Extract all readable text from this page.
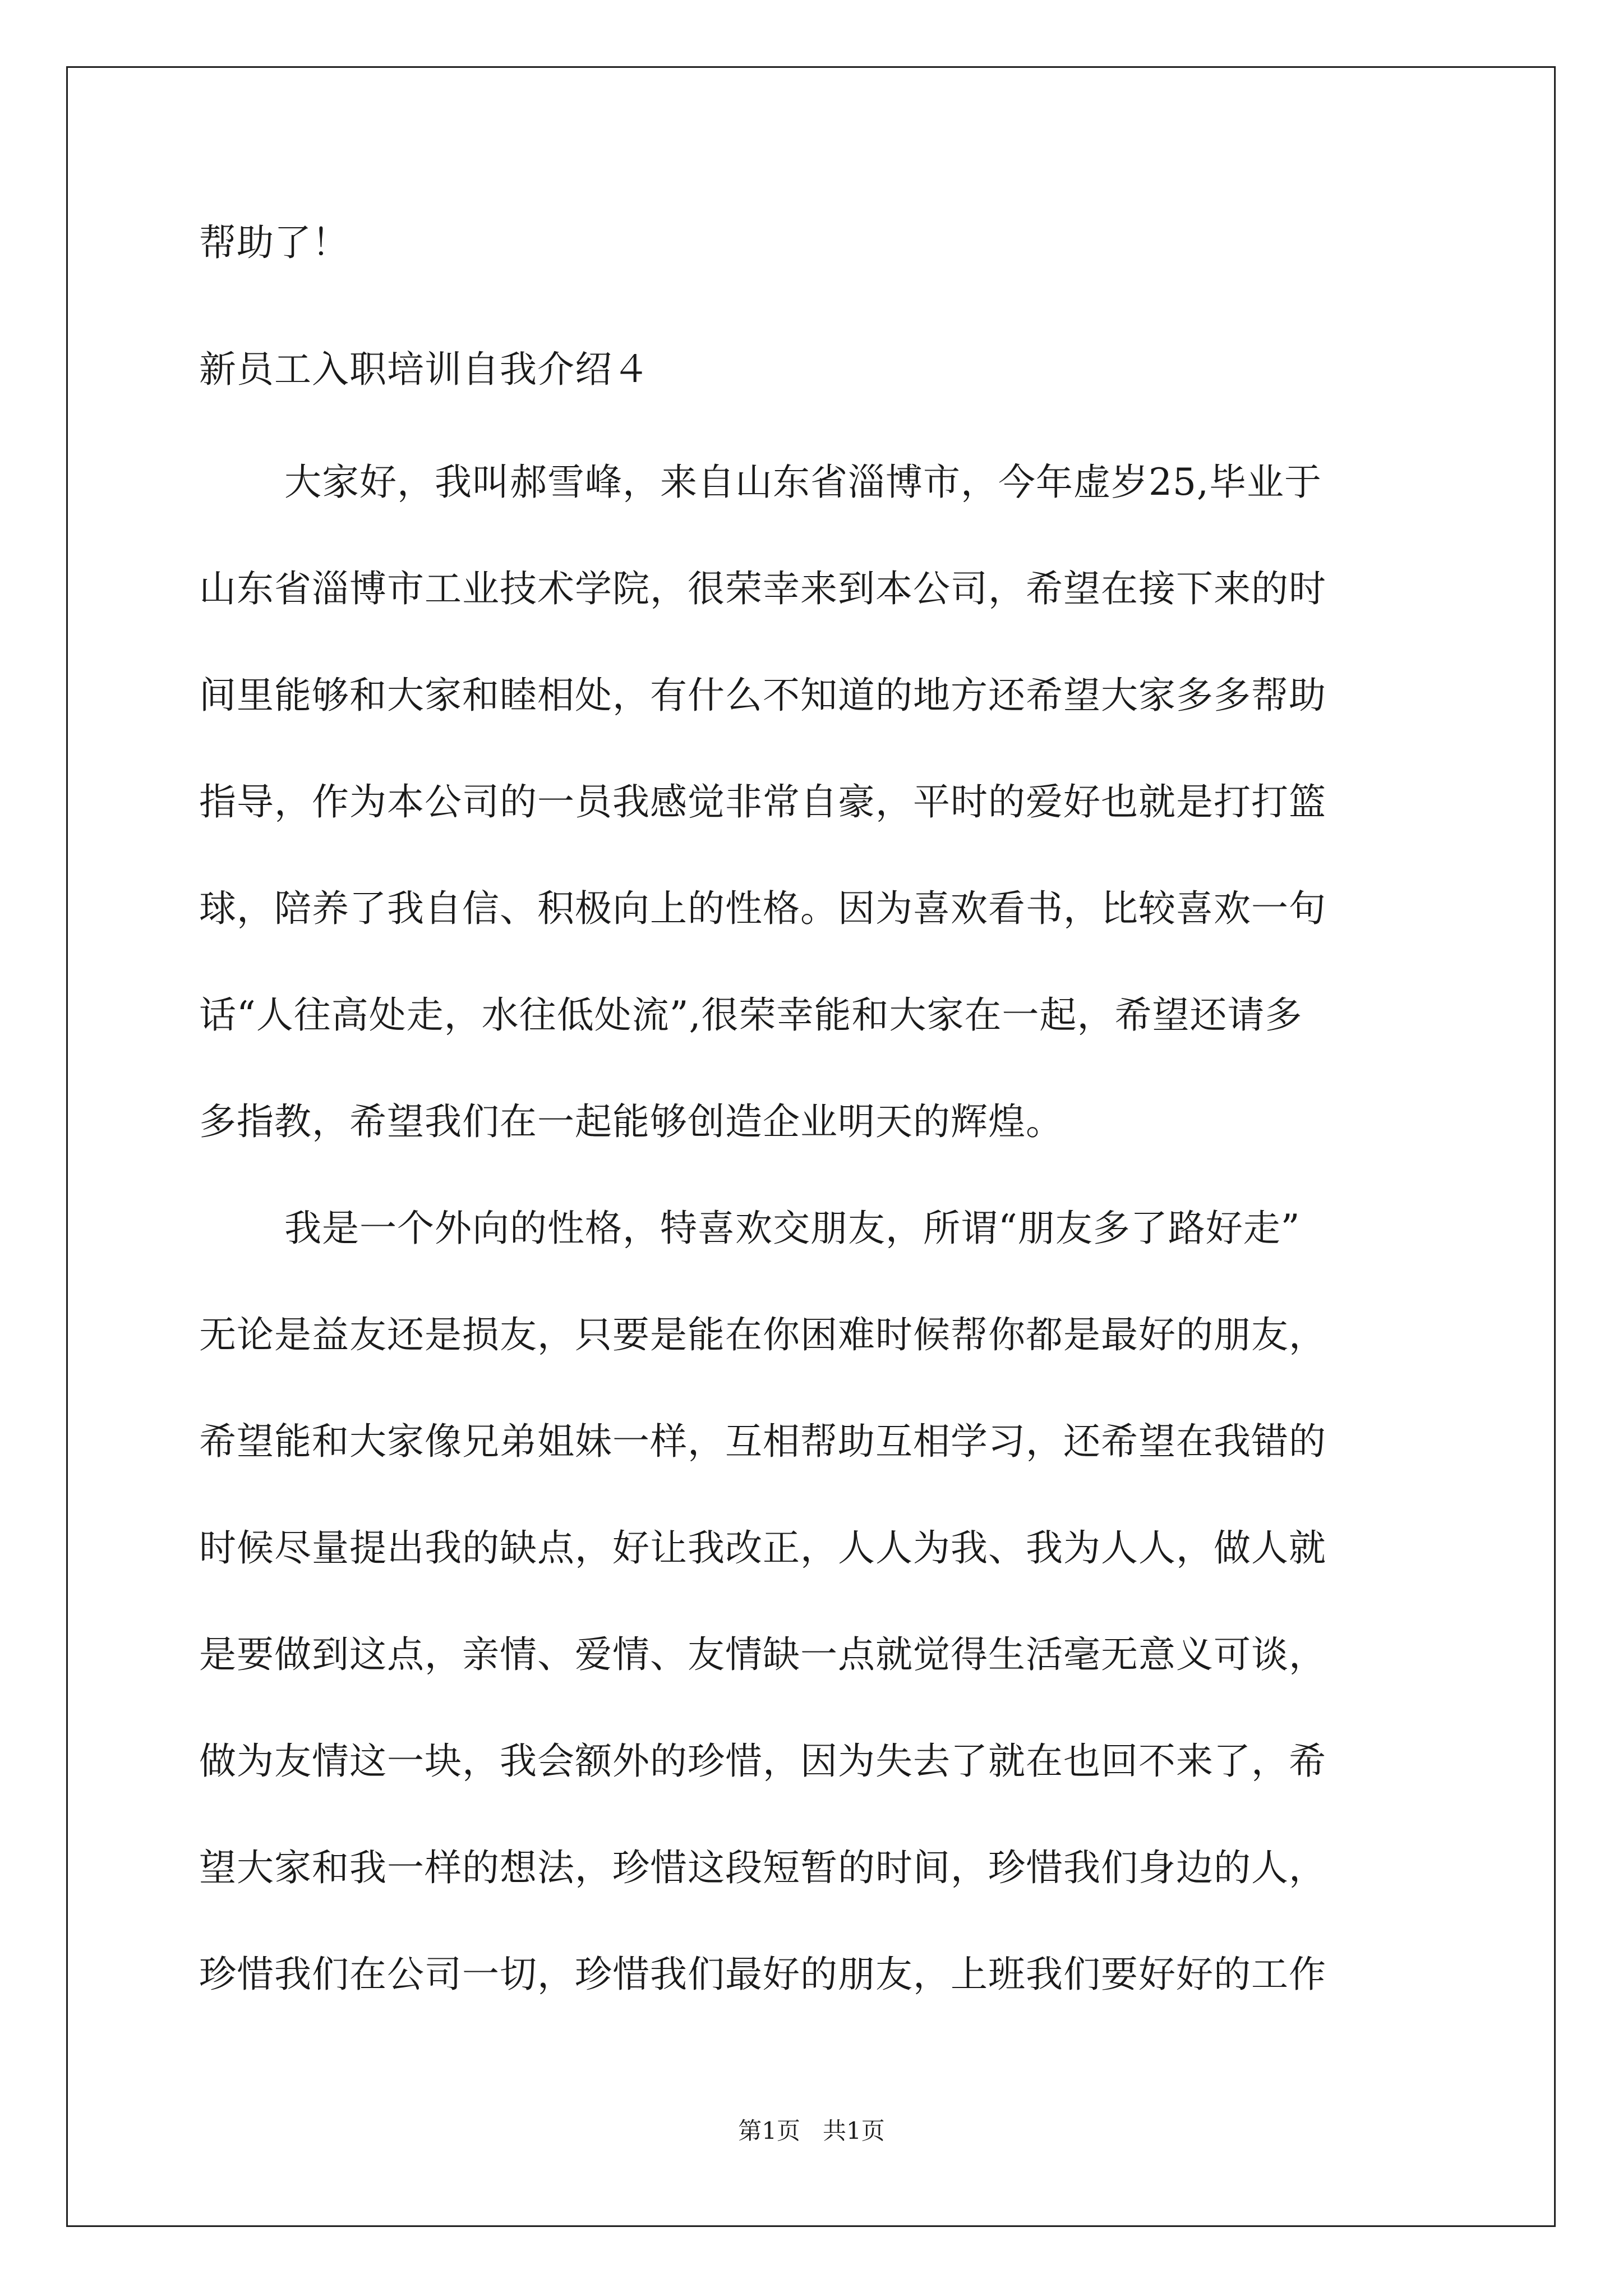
帮助了！
新员工入职培训自我介绍４
大家好，我叫郝雪峰，来自山东省淄博市，今年虚岁25,毕业于
山东省淄博市工业技术学院，很荣幸来到本公司，希望在接下来的时
间里能够和大家和睦相处，有什么不知道的地方还希望大家多多帮助
指导，作为本公司的一员我感觉非常自豪，平时的爱好也就是打打篮
球，陪养了我自信、积极向上的性格。因为喜欢看书，比较喜欢一句
话“人往高处走，水往低处流”,很荣幸能和大家在一起，希望还请多
多指教，希望我们在一起能够创造企业明天的辉煌。
我是一个外向的性格，特喜欢交朋友，所谓“朋友多了路好走”
无论是益友还是损友，只要是能在你困难时候帮你都是最好的朋友，
希望能和大家像兄弟姐妹一样，互相帮助互相学习，还希望在我错的
时候尽量提出我的缺点，好让我改正，人人为我、我为人人，做人就
是要做到这点，亲情、爱情、友情缺一点就觉得生活毫无意义可谈，
做为友情这一块，我会额外的珍惜，因为失去了就在也回不来了，希
望大家和我一样的想法，珍惜这段短暂的时间，珍惜我们身边的人，
珍惜我们在公司一切，珍惜我们最好的朋友，上班我们要好好的工作
第1页   共1页
